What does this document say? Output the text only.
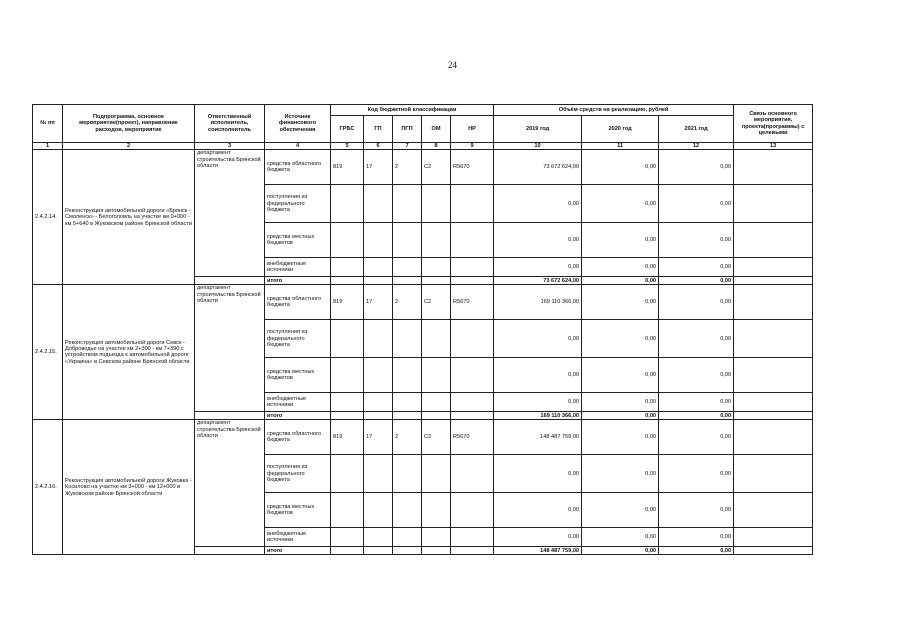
24
№ пп	Подпрограмма, основное мероприятие(проект), направление расходов, мероприятие	Ответственный исполнитель, соисполнитель	Источник финансового обеспечения	Код бюджетной классификации					Объём средств на реализацию, рублей			Связь основного мероприятия, проекта(программы) с целевыми
				ГРБС	ГП	ПГП	ОМ	НР	2019 год	2020 год	2021 год	
1	2	3	4	5	6	7	8	9	10	11	12	13
2.4.2.14.	Реконструкция автомобильной дороги «Брянск - Смоленск» - Белоголовль на участке км 0+000 - км 5+640 в Жуковском районе Брянской области	департамент строительства Брянской области	средства областного бюджета	819	17	2	С2	R5670	73 672 624,00	0,00	0,00	
			поступления из федерального бюджета						0,00	0,00	0,00	
			средства местных бюджетов						0,00	0,00	0,00	
			внебюджетные источники						0,00	0,00	0,00	
			итого						73 672 624,00	0,00	0,00	
2.4.2.15.	Реконструкция автомобильной дороги Севск - Доброводье на участке км 2+300 - км 7+390 с устройством подъезда к автомобильной дороге «Украина» в Севском районе Брянской области	департамент строительства Брянской области	средства областного бюджета	819	17	2	С2	R5670	169 110 366,00	0,00	0,00	
			поступления из федерального бюджета						0,00	0,00	0,00	
			средства местных бюджетов						0,00	0,00	0,00	
			внебюджетные источники						0,00	0,00	0,00	
			итого						169 110 366,00	0,00	0,00	
2.4.2.16.	Реконструкция автомобильной дороги Жуковка - Косилово на участке км 3+000 - км 12+000 в Жуковском районе Брянской области	департамент строительства Брянской области	средства областного бюджета	819	17	2	С2	R5670	148 487 759,00	0,00	0,00	
			поступления из федерального бюджета						0,00	0,00	0,00	
			средства местных бюджетов						0,00	0,00	0,00	
			внебюджетные источники						0,00	0,00	0,00	
			итого						148 487 759,00	0,00	0,00	
